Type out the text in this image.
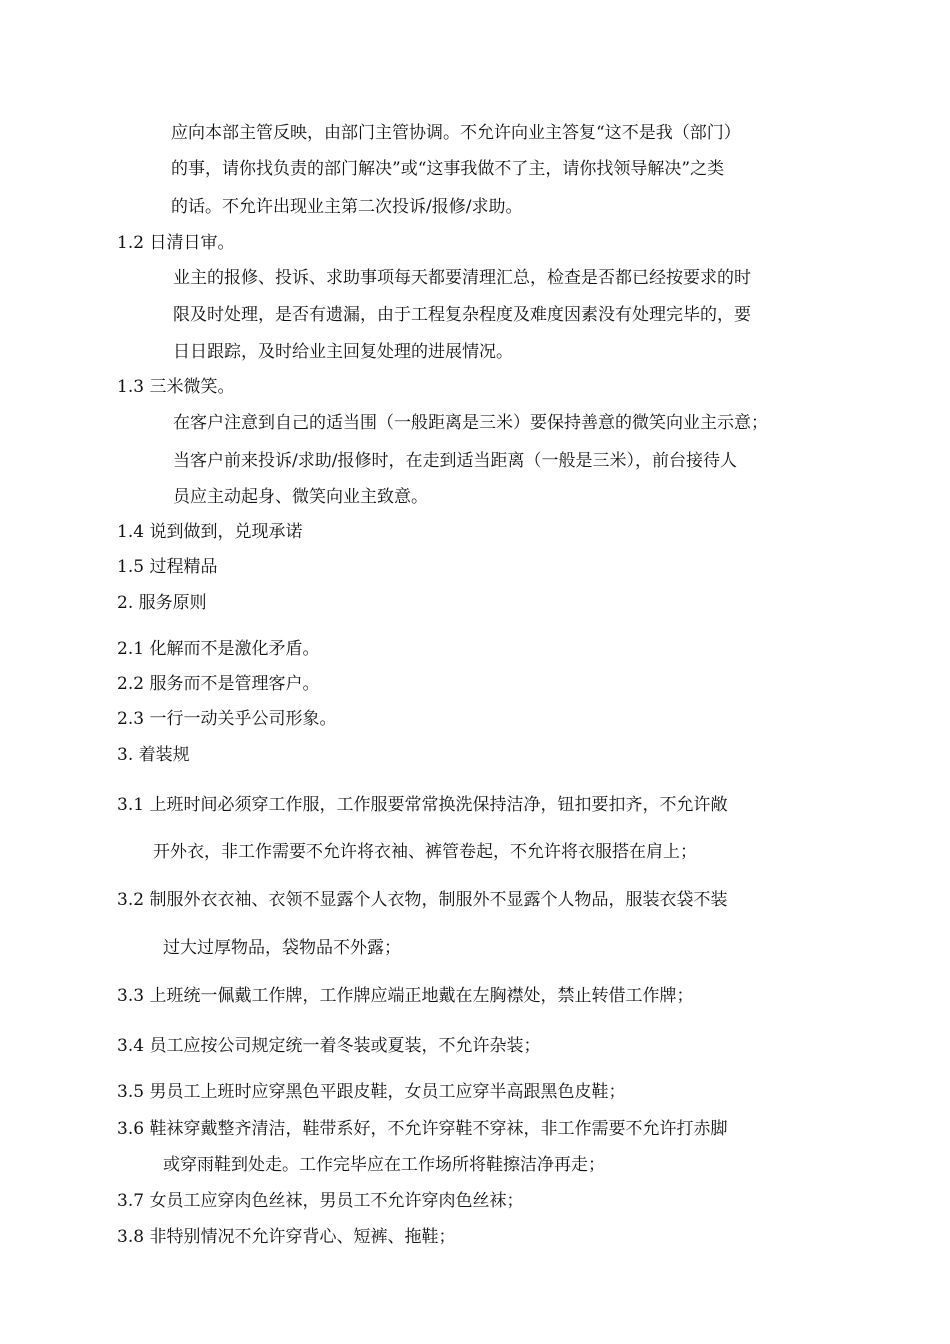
应向本部主管反映，由部门主管协调。不允许向业主答复“这不是我（部门）
的事，请你找负责的部门解决”或“这事我做不了主，请你找领导解决”之类
的话。不允许出现业主第二次投诉/报修/求助。
1.2 日清日审。
业主的报修、投诉、求助事项每天都要清理汇总，检查是否都已经按要求的时
限及时处理，是否有遗漏，由于工程复杂程度及难度因素没有处理完毕的，要
日日跟踪，及时给业主回复处理的进展情况。
1.3 三米微笑。
在客户注意到自己的适当围（一般距离是三米）要保持善意的微笑向业主示意；
当客户前来投诉/求助/报修时，在走到适当距离（一般是三米），前台接待人
员应主动起身、微笑向业主致意。
1.4 说到做到，兑现承诺
1.5 过程精品
2. 服务原则
2.1 化解而不是激化矛盾。
2.2 服务而不是管理客户。
2.3 一行一动关乎公司形象。
3. 着装规
3.1 上班时间必须穿工作服，工作服要常常换洗保持洁净，钮扣要扣齐，不允许敞
开外衣，非工作需要不允许将衣袖、裤管卷起，不允许将衣服搭在肩上；
3.2 制服外衣衣袖、衣领不显露个人衣物，制服外不显露个人物品，服装衣袋不装
过大过厚物品，袋物品不外露；
3.3 上班统一佩戴工作牌，工作牌应端正地戴在左胸襟处，禁止转借工作牌；
3.4 员工应按公司规定统一着冬装或夏装，不允许杂装；
3.5 男员工上班时应穿黑色平跟皮鞋，女员工应穿半高跟黑色皮鞋；
3.6 鞋袜穿戴整齐清洁，鞋带系好，不允许穿鞋不穿袜，非工作需要不允许打赤脚
或穿雨鞋到处走。工作完毕应在工作场所将鞋擦洁净再走；
3.7 女员工应穿肉色丝袜，男员工不允许穿肉色丝袜；
3.8 非特别情况不允许穿背心、短裤、拖鞋；
